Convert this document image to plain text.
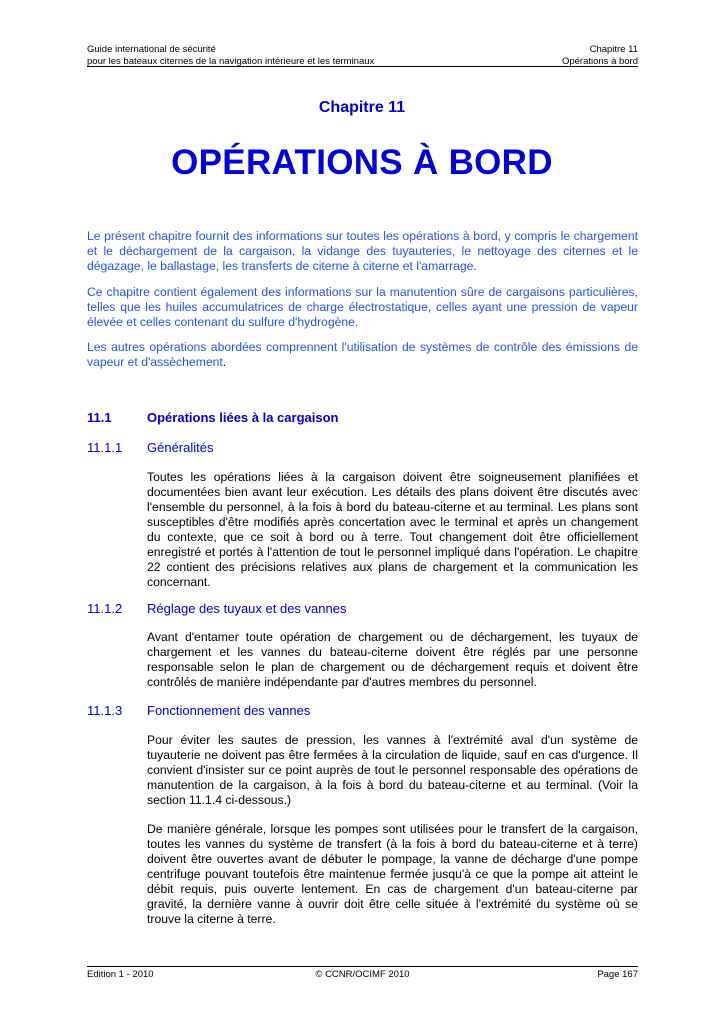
Guide international de sécurité
pour les bateaux citernes de la navigation intérieure et les terminaux
Chapitre 11
Opérations à bord
Chapitre 11
OPÉRATIONS À BORD

Le présent chapitre fournit des informations sur toutes les opérations à bord, y compris le chargement et le déchargement de la cargaison, la vidange des tuyauteries, le nettoyage des citernes et le dégazage, le ballastage, les transferts de citerne à citerne et l'amarrage.

Ce chapitre contient également des informations sur la manutention sûre de cargaisons particulières, telles que les huiles accumulatrices de charge électrostatique, celles ayant une pression de vapeur élevée et celles contenant du sulfure d'hydrogène.

Les autres opérations abordées comprennent l'utilisation de systèmes de contrôle des émissions de vapeur et d'assèchement.

11.1	Opérations liées à la cargaison
11.1.1 Généralités

Toutes les opérations liées à la cargaison doivent être soigneusement planifiées et documentées bien avant leur exécution. Les détails des plans doivent être discutés avec l'ensemble du personnel, à la fois à bord du bateau-citerne et au terminal. Les plans sont susceptibles d'être modifiés après concertation avec le terminal et après un changement du contexte, que ce soit à bord ou à terre. Tout changement doit être officiellement enregistré et portés à l'attention de tout le personnel impliqué dans l'opération. Le chapitre 22 contient des précisions relatives aux plans de chargement et la communication les concernant.

11.1.2 Réglage des tuyaux et des vannes

Avant d'entamer toute opération de chargement ou de déchargement, les tuyaux de chargement et les vannes du bateau-citerne doivent être réglés par une personne responsable selon le plan de chargement ou de déchargement requis et doivent être contrôlés de manière indépendante par d'autres membres du personnel.

11.1.3 Fonctionnement des vannes

Pour éviter les sautes de pression, les vannes à l'extrémité aval d'un système de tuyauterie ne doivent pas être fermées à la circulation de liquide, sauf en cas d'urgence. Il convient d'insister sur ce point auprès de tout le personnel responsable des opérations de manutention de la cargaison, à la fois à bord du bateau-citerne et au terminal. (Voir la section 11.1.4 ci-dessous.)

De manière générale, lorsque les pompes sont utilisées pour le transfert de la cargaison, toutes les vannes du système de transfert (à la fois à bord du bateau-citerne et à terre) doivent être ouvertes avant de débuter le pompage, la vanne de décharge d'une pompe centrifuge pouvant toutefois être maintenue fermée jusqu'à ce que la pompe ait atteint le débit requis, puis ouverte lentement. En cas de chargement d'un bateau-citerne par gravité, la dernière vanne à ouvrir doit être celle située à l'extrémité du système où se trouve la citerne à terre.

Edition 1 - 2010	© CCNR/OCIMF 2010	Page 167
